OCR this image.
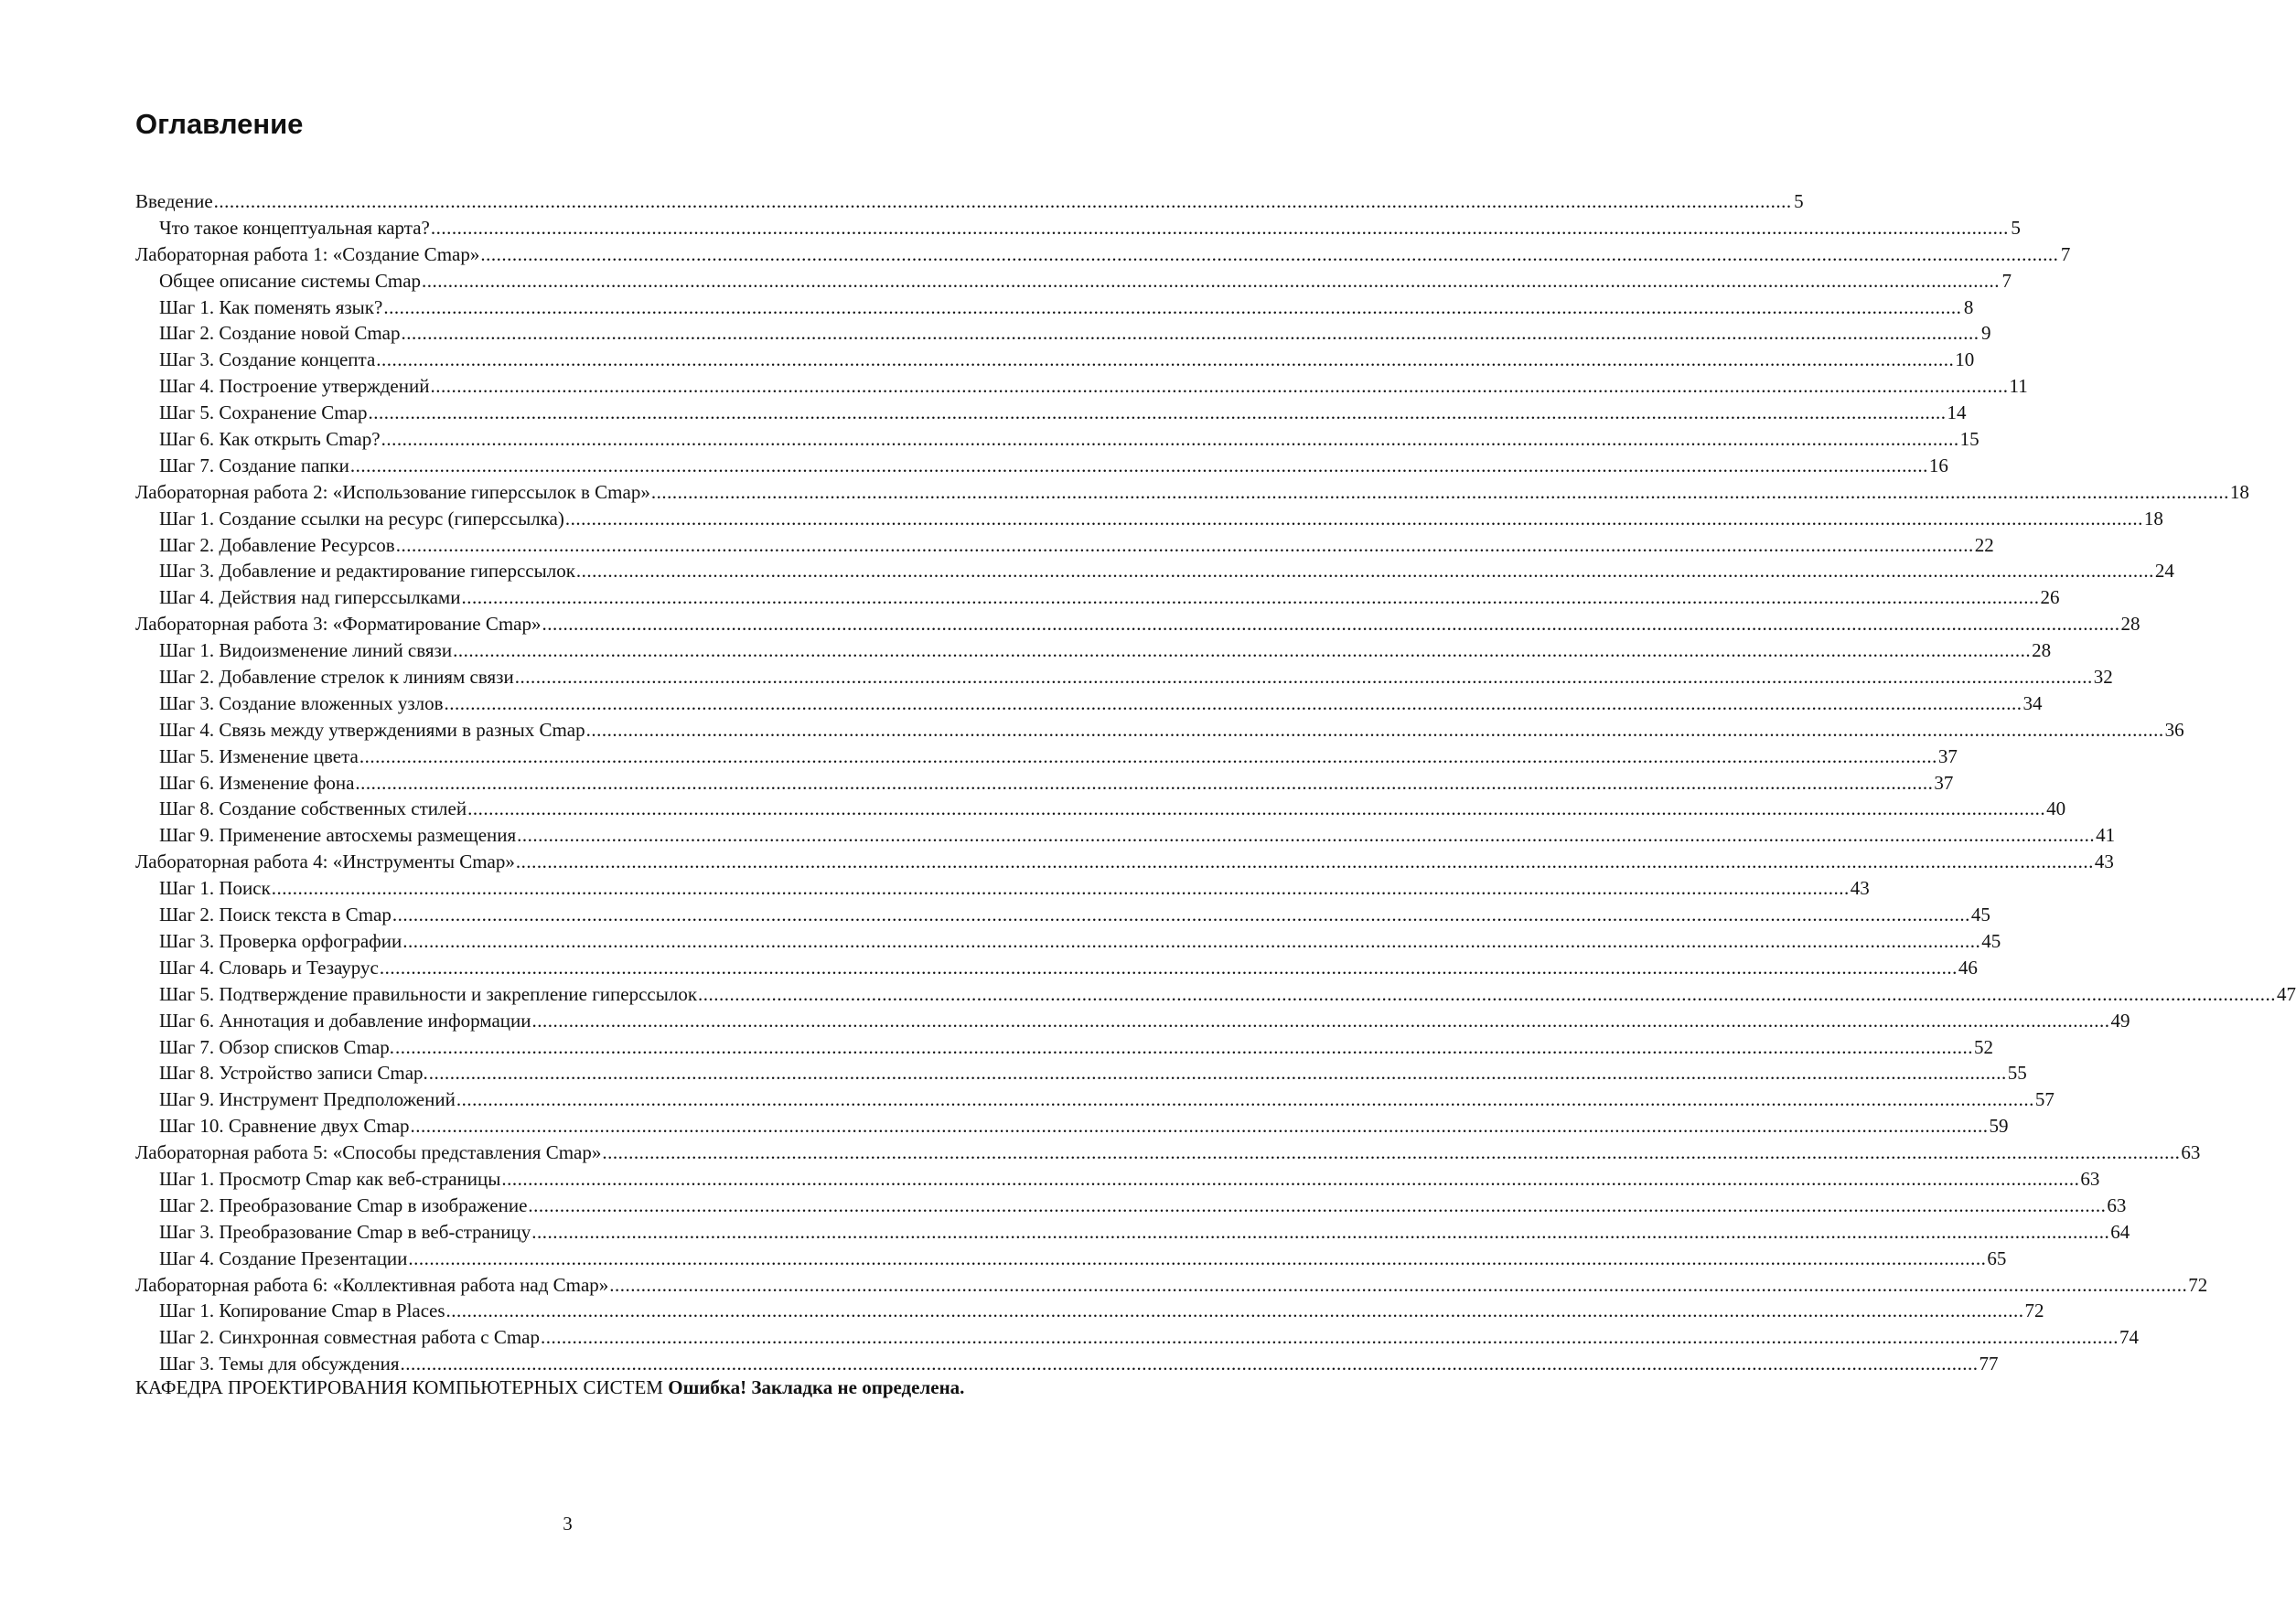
Оглавление
Введение ............................................................................................................................................................................................................................................................................................................ 5
Что такое концептуальная карта? ............................................................................................................................................................................................................................................................................................................ 5
Лабораторная работа 1: «Создание Cmap» ............................................................................................................................................................................................................................................................................................................ 7
Общее описание системы Cmap ............................................................................................................................................................................................................................................................................................................ 7
Шаг 1. Как поменять язык? ............................................................................................................................................................................................................................................................................................................ 8
Шаг 2. Создание новой Cmap ............................................................................................................................................................................................................................................................................................................ 9
Шаг 3. Создание концепта ............................................................................................................................................................................................................................................................................................................ 10
Шаг 4. Построение утверждений ............................................................................................................................................................................................................................................................................................................ 11
Шаг 5. Сохранение Cmap ............................................................................................................................................................................................................................................................................................................ 14
Шаг 6. Как открыть Cmap? ............................................................................................................................................................................................................................................................................................................ 15
Шаг 7. Создание папки ............................................................................................................................................................................................................................................................................................................ 16
Лабораторная работа 2: «Использование гиперссылок в Cmap» ............................................................................................................................................................................................................................................................................................................ 18
Шаг 1. Создание ссылки на ресурс (гиперссылка) ............................................................................................................................................................................................................................................................................................................ 18
Шаг 2. Добавление Ресурсов ............................................................................................................................................................................................................................................................................................................ 22
Шаг 3. Добавление и редактирование гиперссылок ............................................................................................................................................................................................................................................................................................................ 24
Шаг 4. Действия над гиперссылками ............................................................................................................................................................................................................................................................................................................ 26
Лабораторная работа 3: «Форматирование Cmap» ............................................................................................................................................................................................................................................................................................................ 28
Шаг 1. Видоизменение линий связи ............................................................................................................................................................................................................................................................................................................ 28
Шаг 2. Добавление стрелок к линиям связи ............................................................................................................................................................................................................................................................................................................ 32
Шаг 3. Создание вложенных узлов ............................................................................................................................................................................................................................................................................................................ 34
Шаг 4. Связь между утверждениями в разных Cmap ............................................................................................................................................................................................................................................................................................................ 36
Шаг 5. Изменение цвета ............................................................................................................................................................................................................................................................................................................ 37
Шаг 6. Изменение фона ............................................................................................................................................................................................................................................................................................................ 37
Шаг 8. Создание собственных стилей ............................................................................................................................................................................................................................................................................................................ 40
Шаг 9. Применение автосхемы размещения ............................................................................................................................................................................................................................................................................................................ 41
Лабораторная работа 4: «Инструменты Cmap» ............................................................................................................................................................................................................................................................................................................ 43
Шаг 1. Поиск ............................................................................................................................................................................................................................................................................................................ 43
Шаг 2. Поиск текста в Cmap ............................................................................................................................................................................................................................................................................................................ 45
Шаг 3. Проверка орфографии ............................................................................................................................................................................................................................................................................................................ 45
Шаг 4. Словарь и Тезаурус ............................................................................................................................................................................................................................................................................................................ 46
Шаг 5. Подтверждение правильности и закрепление гиперссылок ............................................................................................................................................................................................................................................................................................................ 47
Шаг 6. Аннотация и добавление информации ............................................................................................................................................................................................................................................................................................................ 49
Шаг 7. Обзор списков Cmap. ............................................................................................................................................................................................................................................................................................................ 52
Шаг 8. Устройство записи Cmap. ............................................................................................................................................................................................................................................................................................................ 55
Шаг 9. Инструмент Предположений ............................................................................................................................................................................................................................................................................................................ 57
Шаг 10. Сравнение двух Cmap ............................................................................................................................................................................................................................................................................................................ 59
Лабораторная работа 5: «Способы представления Cmap» ............................................................................................................................................................................................................................................................................................................ 63
Шаг 1. Просмотр Cmap как веб-страницы ............................................................................................................................................................................................................................................................................................................ 63
Шаг 2. Преобразование Cmap в изображение ............................................................................................................................................................................................................................................................................................................ 63
Шаг 3. Преобразование Cmap в веб-страницу ............................................................................................................................................................................................................................................................................................................ 64
Шаг 4. Создание Презентации ............................................................................................................................................................................................................................................................................................................ 65
Лабораторная работа 6: «Коллективная работа над Cmap» ............................................................................................................................................................................................................................................................................................................ 72
Шаг 1. Копирование Cmap в Places ............................................................................................................................................................................................................................................................................................................ 72
Шаг 2. Синхронная совместная работа с Cmap ............................................................................................................................................................................................................................................................................................................ 74
Шаг 3. Темы для обсуждения ............................................................................................................................................................................................................................................................................................................ 77

КАФЕДРА ПРОЕКТИРОВАНИЯ КОМПЬЮТЕРНЫХ СИСТЕМ Ошибка! Закладка не определена.

3
